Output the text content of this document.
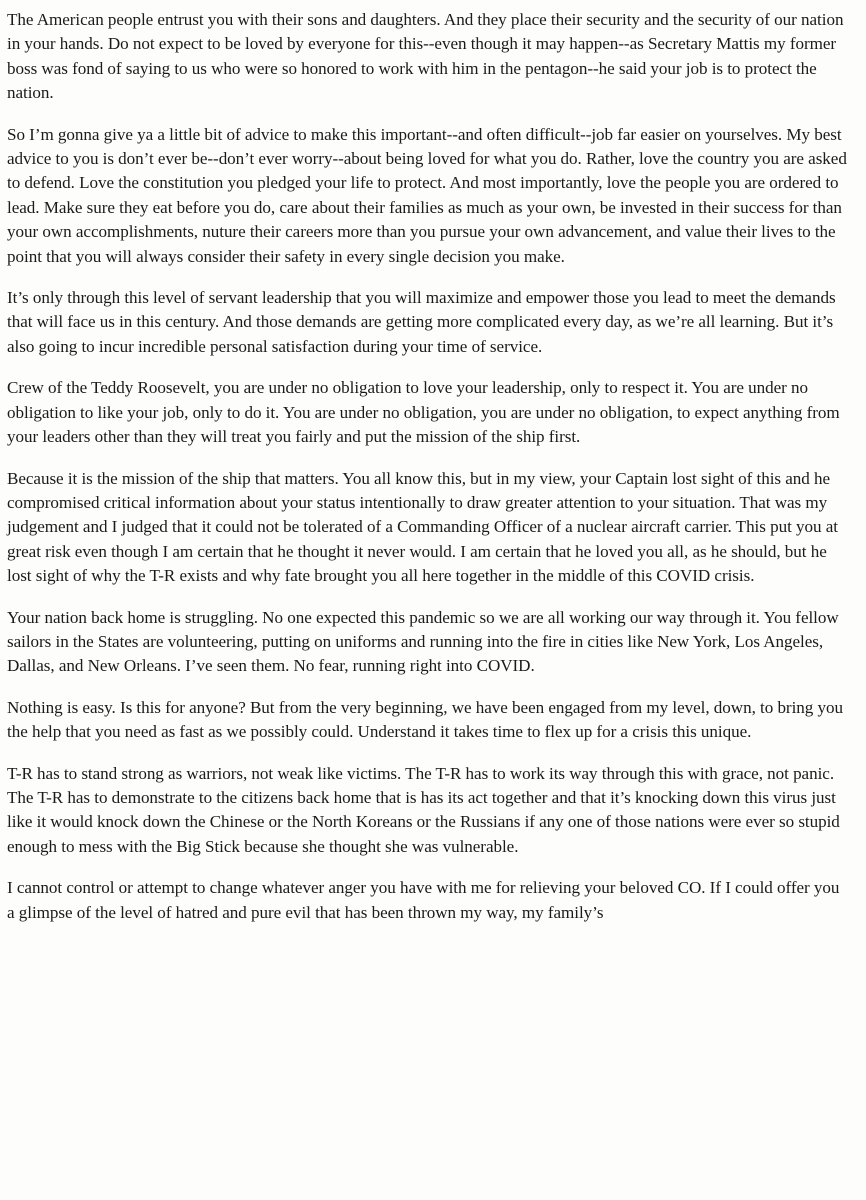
The American people entrust you with their sons and daughters. And they place their security and the security of our nation in your hands. Do not expect to be loved by everyone for this--even though it may happen--as Secretary Mattis my former boss was fond of saying to us who were so honored to work with him in the pentagon--he said your job is to protect the nation.

So I’m gonna give ya a little bit of advice to make this important--and often difficult--job far easier on yourselves. My best advice to you is don’t ever be--don’t ever worry--about being loved for what you do. Rather, love the country you are asked to defend. Love the constitution you pledged your life to protect. And most importantly, love the people you are ordered to lead. Make sure they eat before you do, care about their families as much as your own, be invested in their success for than your own accomplishments, nuture their careers more than you pursue your own advancement, and value their lives to the point that you will always consider their safety in every single decision you make.

It’s only through this level of servant leadership that you will maximize and empower those you lead to meet the demands that will face us in this century. And those demands are getting more complicated every day, as we’re all learning. But it’s also going to incur incredible personal satisfaction during your time of service.

Crew of the Teddy Roosevelt, you are under no obligation to love your leadership, only to respect it. You are under no obligation to like your job, only to do it. You are under no obligation, you are under no obligation, to expect anything from your leaders other than they will treat you fairly and put the mission of the ship first.

Because it is the mission of the ship that matters. You all know this, but in my view, your Captain lost sight of this and he compromised critical information about your status intentionally to draw greater attention to your situation. That was my judgement and I judged that it could not be tolerated of a Commanding Officer of a nuclear aircraft carrier. This put you at great risk even though I am certain that he thought it never would. I am certain that he loved you all, as he should, but he lost sight of why the T-R exists and why fate brought you all here together in the middle of this COVID crisis.

Your nation back home is struggling. No one expected this pandemic so we are all working our way through it. You fellow sailors in the States are volunteering, putting on uniforms and running into the fire in cities like New York, Los Angeles, Dallas, and New Orleans. I’ve seen them. No fear, running right into COVID.

Nothing is easy. Is this for anyone? But from the very beginning, we have been engaged from my level, down, to bring you the help that you need as fast as we possibly could. Understand it takes time to flex up for a crisis this unique.

T-R has to stand strong as warriors, not weak like victims. The T-R has to work its way through this with grace, not panic. The T-R has to demonstrate to the citizens back home that is has its act together and that it’s knocking down this virus just like it would knock down the Chinese or the North Koreans or the Russians if any one of those nations were ever so stupid enough to mess with the Big Stick because she thought she was vulnerable.

I cannot control or attempt to change whatever anger you have with me for relieving your beloved CO. If I could offer you a glimpse of the level of hatred and pure evil that has been thrown my way, my family’s
